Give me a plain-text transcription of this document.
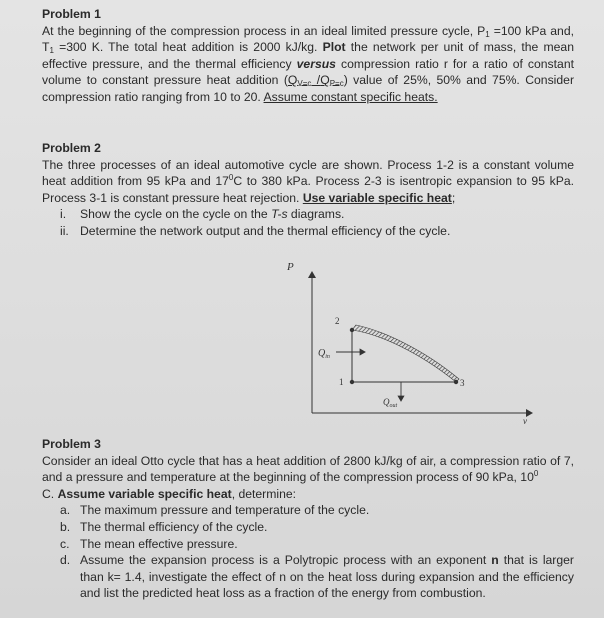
Problem 1
At the beginning of the compression process in an ideal limited pressure cycle, $P_1 =100$ kPa and, $T_1 =300$ K. The total heat addition is 2000 kJ/kg. Plot the network per unit of mass, the mean effective pressure, and the thermal efficiency versus compression ratio r for a ratio of constant volume to constant pressure heat addition ($Q_{V=c}$ $/Q_{P=c}$) value of 25%, 50% and 75%. Consider compression ratio ranging from 10 to 20. Assume constant specific heats.
Problem 2
The three processes of an ideal automotive cycle are shown. Process 1-2 is a constant volume heat addition from 95 kPa and $17^0C$ to 380 kPa. Process 2-3 is isentropic expansion to 95 kPa. Process 3-1 is constant pressure heat rejection. Use variable specific heat;
i. Show the cycle on the cycle on the T-s diagrams.
ii. Determine the network output and the thermal efficiency of the cycle.
P
v
1
2
3
$Q_{in}$
$Q_{out}$
Problem 3
Consider an ideal Otto cycle that has a heat addition of 2800 kJ/kg of air, a compression ratio of 7, and a pressure and temperature at the beginning of the compression process of 90 kPa, $10^0$
C. Assume variable specific heat, determine:
a. The maximum pressure and temperature of the cycle.
b. The thermal efficiency of the cycle.
c. The mean effective pressure.
d. Assume the expansion process is a Polytropic process with an exponent n that is larger than k= 1.4, investigate the effect of n on the heat loss during expansion and the efficiency and list the predicted heat loss as a fraction of the energy from combustion.
